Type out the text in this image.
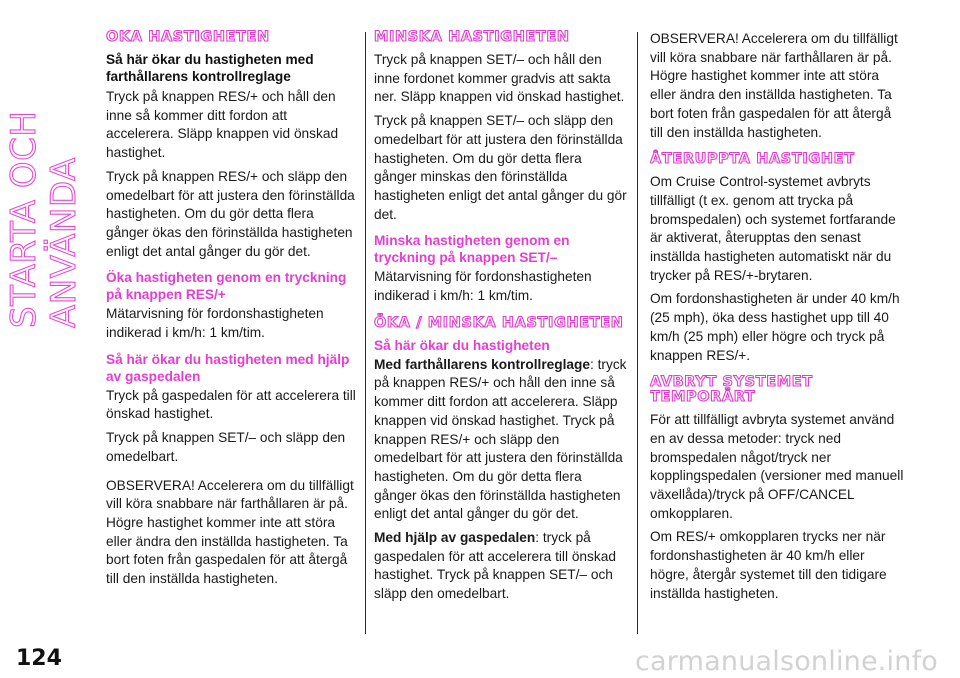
STARTA OCH ANVÄNDA
ÖKA HASTIGHETEN
Så här ökar du hastigheten med farthållarens kontrollreglage

Tryck på knappen RES/+ och håll den inne så kommer ditt fordon att accelerera. Släpp knappen vid önskad hastighet.

Tryck på knappen RES/+ och släpp den omedelbart för att justera den förinställda hastigheten. Om du gör detta flera gånger ökas den förinställda hastigheten enligt det antal gånger du gör det.

Öka hastigheten genom en tryckning på knappen RES/+

Mätarvisning för fordonshastigheten indikerad i km/h: 1 km/tim.

Så här ökar du hastigheten med hjälp av gaspedalen

Tryck på gaspedalen för att accelerera till önskad hastighet.

Tryck på knappen SET/– och släpp den omedelbart.

OBSERVERA! Accelerera om du tillfälligt vill köra snabbare när farthållaren är på. Högre hastighet kommer inte att störa eller ändra den inställda hastigheten. Ta bort foten från gaspedalen för att återgå till den inställda hastigheten.

MINSKA HASTIGHETEN

Tryck på knappen SET/– och håll den inne fordonet kommer gradvis att sakta ner. Släpp knappen vid önskad hastighet.

Tryck på knappen SET/– och släpp den omedelbart för att justera den förinställda hastigheten. Om du gör detta flera gånger minskas den förinställda hastigheten enligt det antal gånger du gör det.

Minska hastigheten genom en tryckning på knappen SET/–

Mätarvisning för fordonshastigheten indikerad i km/h: 1 km/tim.

ÖKA / MINSKA HASTIGHETEN
Så här ökar du hastigheten

Med farthållarens kontrollreglage: tryck på knappen RES/+ och håll den inne så kommer ditt fordon att accelerera. Släpp knappen vid önskad hastighet. Tryck på knappen RES/+ och släpp den omedelbart för att justera den förinställda hastigheten. Om du gör detta flera gånger ökas den förinställda hastigheten enligt det antal gånger du gör det.

Med hjälp av gaspedalen: tryck på gaspedalen för att accelerera till önskad hastighet. Tryck på knappen SET/– och släpp den omedelbart.

OBSERVERA! Accelerera om du tillfälligt vill köra snabbare när farthållaren är på. Högre hastighet kommer inte att störa eller ändra den inställda hastigheten. Ta bort foten från gaspedalen för att återgå till den inställda hastigheten.

ÅTERUPPTA HASTIGHET

Om Cruise Control-systemet avbryts tillfälligt (t ex. genom att trycka på bromspedalen) och systemet fortfarande är aktiverat, återupptas den senast inställda hastigheten automatiskt när du trycker på RES/+-brytaren.

Om fordonshastigheten är under 40 km/h (25 mph), öka dess hastighet upp till 40 km/h (25 mph) eller högre och tryck på knappen RES/+.

AVBRYT SYSTEMET TEMPORÄRT

För att tillfälligt avbryta systemet använd en av dessa metoder: tryck ned bromspedalen något/tryck ner kopplingspedalen (versioner med manuell växellåda)/tryck på OFF/CANCEL omkopplaren.

Om RES/+ omkopplaren trycks ner när fordonshastigheten är 40 km/h eller högre, återgår systemet till den tidigare inställda hastigheten.

124	carmanualsonline.info
